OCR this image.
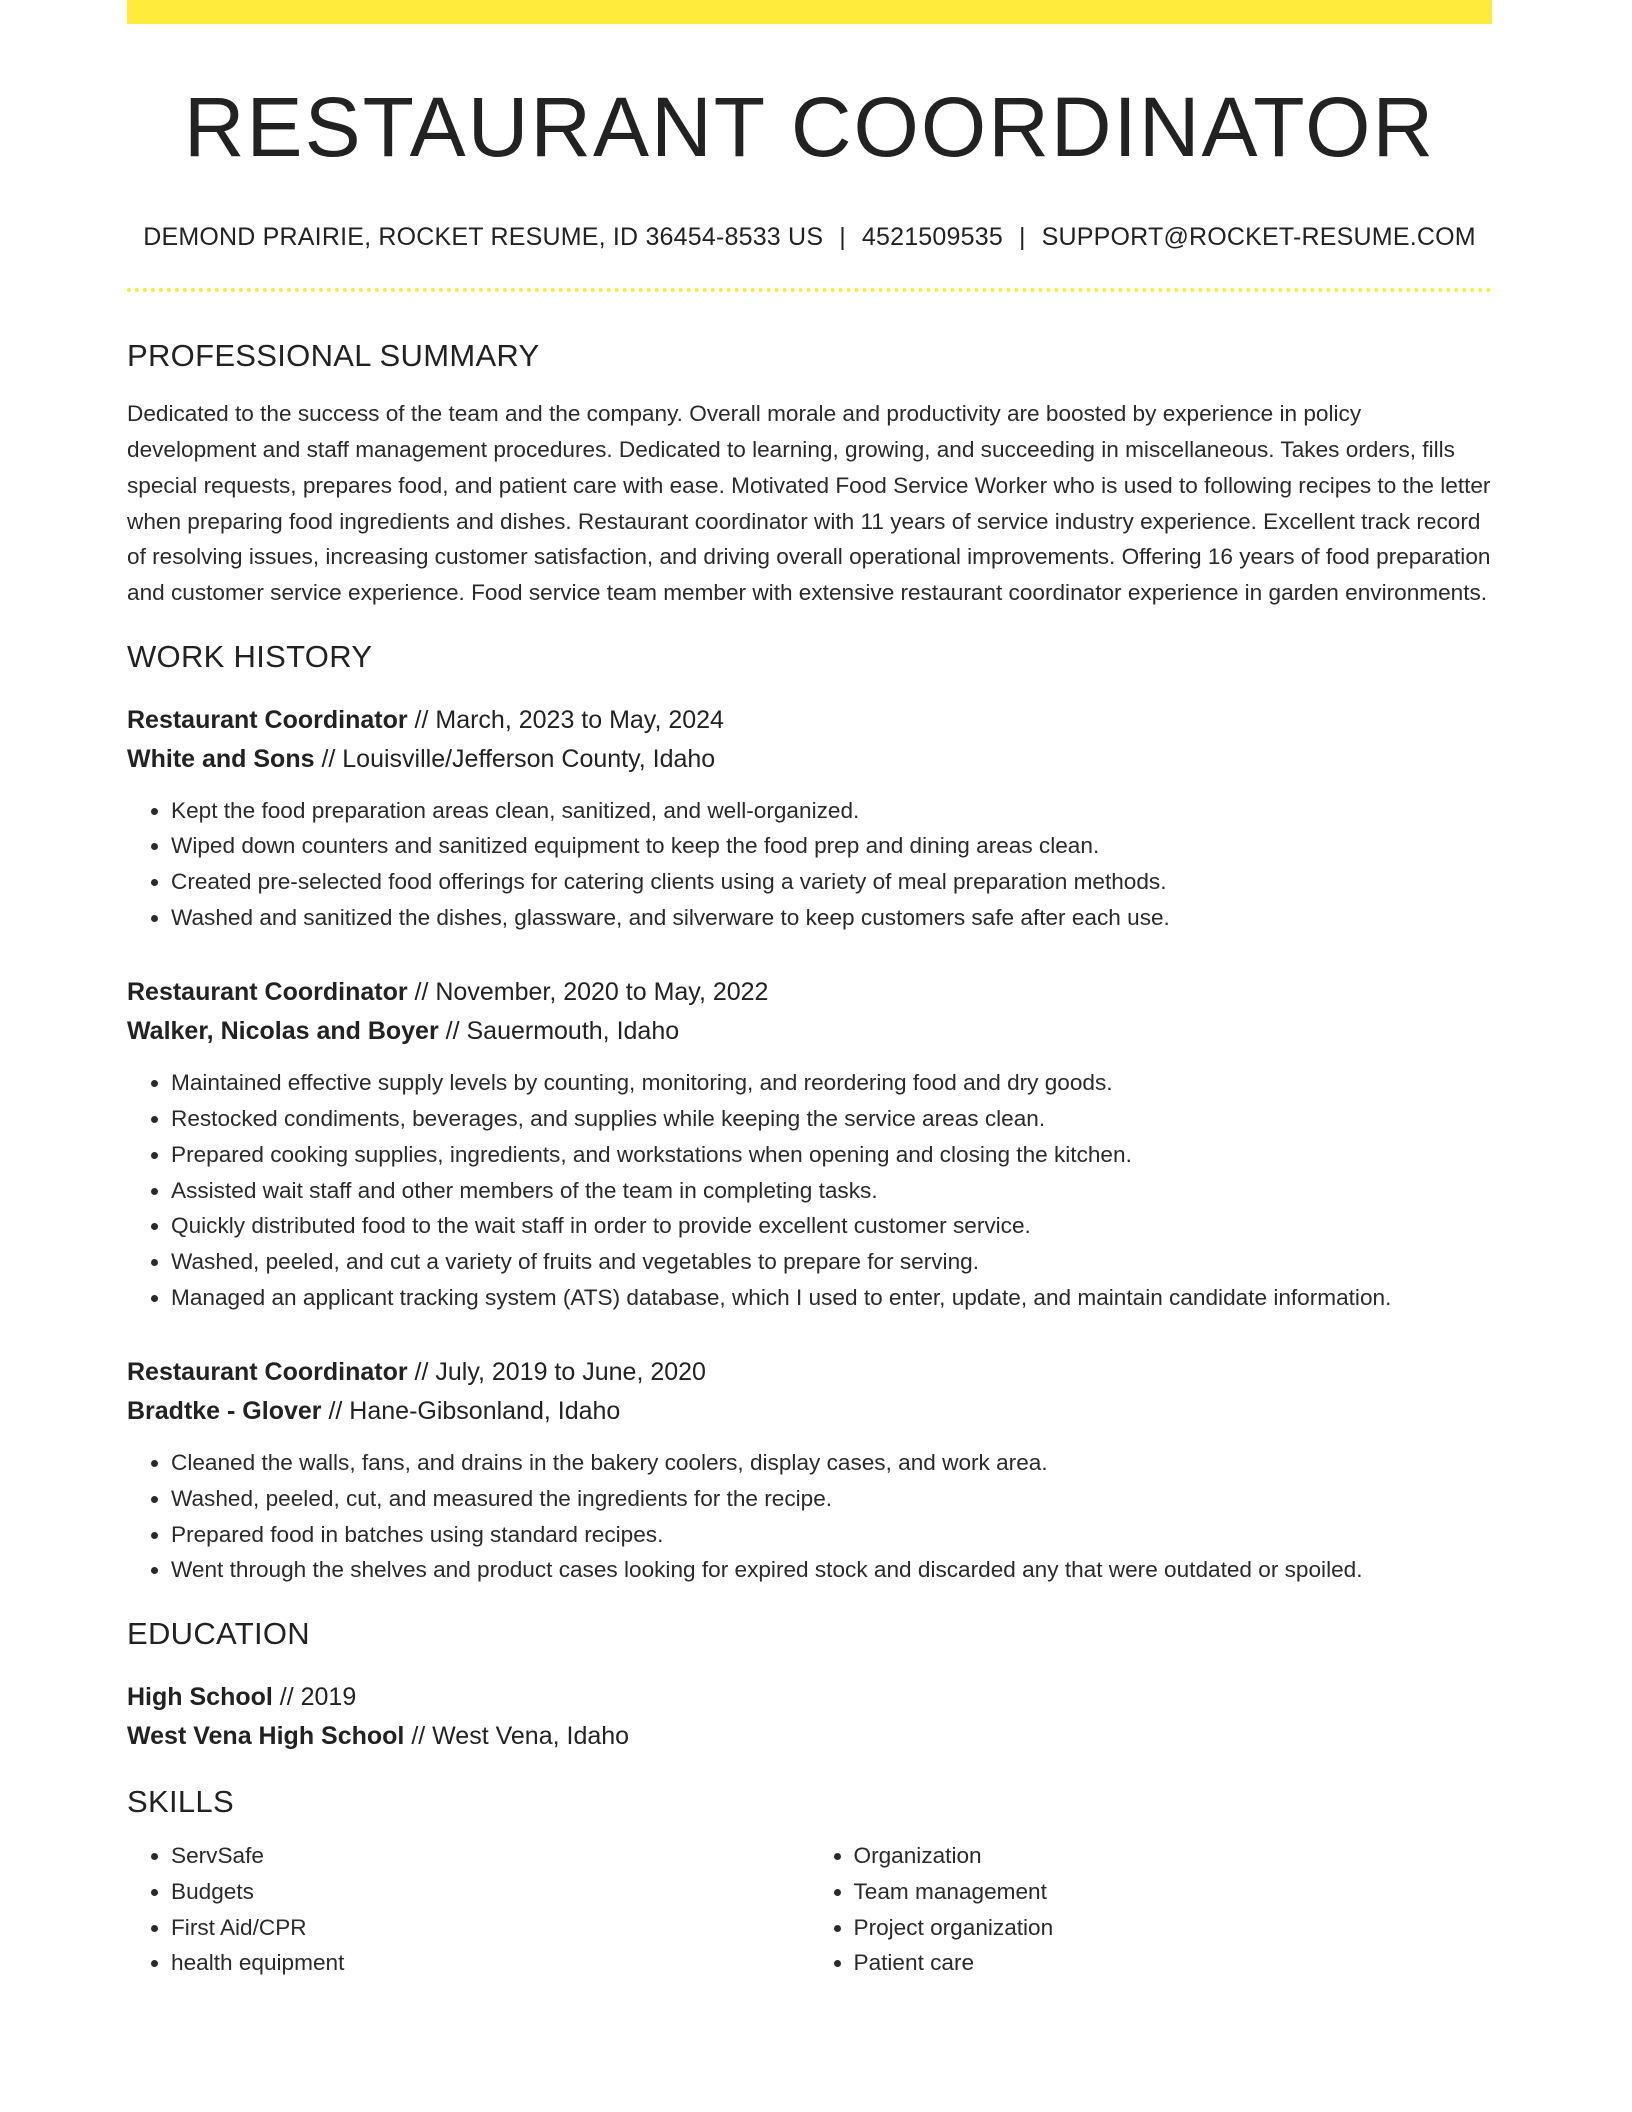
RESTAURANT COORDINATOR
DEMOND PRAIRIE, ROCKET RESUME, ID 36454-8533 US | 4521509535 | SUPPORT@ROCKET-RESUME.COM
PROFESSIONAL SUMMARY

Dedicated to the success of the team and the company. Overall morale and productivity are boosted by experience in policy development and staff management procedures. Dedicated to learning, growing, and succeeding in miscellaneous. Takes orders, fills special requests, prepares food, and patient care with ease. Motivated Food Service Worker who is used to following recipes to the letter when preparing food ingredients and dishes. Restaurant coordinator with 11 years of service industry experience. Excellent track record of resolving issues, increasing customer satisfaction, and driving overall operational improvements. Offering 16 years of food preparation and customer service experience. Food service team member with extensive restaurant coordinator experience in garden environments.

WORK HISTORY
Restaurant Coordinator // March, 2023 to May, 2024
White and Sons // Louisville/Jefferson County, Idaho
• Kept the food preparation areas clean, sanitized, and well-organized.
• Wiped down counters and sanitized equipment to keep the food prep and dining areas clean.
• Created pre-selected food offerings for catering clients using a variety of meal preparation methods.
• Washed and sanitized the dishes, glassware, and silverware to keep customers safe after each use.
Restaurant Coordinator // November, 2020 to May, 2022
Walker, Nicolas and Boyer // Sauermouth, Idaho
• Maintained effective supply levels by counting, monitoring, and reordering food and dry goods.
• Restocked condiments, beverages, and supplies while keeping the service areas clean.
• Prepared cooking supplies, ingredients, and workstations when opening and closing the kitchen.
• Assisted wait staff and other members of the team in completing tasks.
• Quickly distributed food to the wait staff in order to provide excellent customer service.
• Washed, peeled, and cut a variety of fruits and vegetables to prepare for serving.
• Managed an applicant tracking system (ATS) database, which I used to enter, update, and maintain candidate information.
Restaurant Coordinator // July, 2019 to June, 2020
Bradtke - Glover // Hane-Gibsonland, Idaho
• Cleaned the walls, fans, and drains in the bakery coolers, display cases, and work area.
• Washed, peeled, cut, and measured the ingredients for the recipe.
• Prepared food in batches using standard recipes.
• Went through the shelves and product cases looking for expired stock and discarded any that were outdated or spoiled.
EDUCATION
High School // 2019
West Vena High School // West Vena, Idaho
SKILLS
• ServSafe
• Budgets
• First Aid/CPR
• health equipment
• Organization
• Team management
• Project organization
• Patient care
